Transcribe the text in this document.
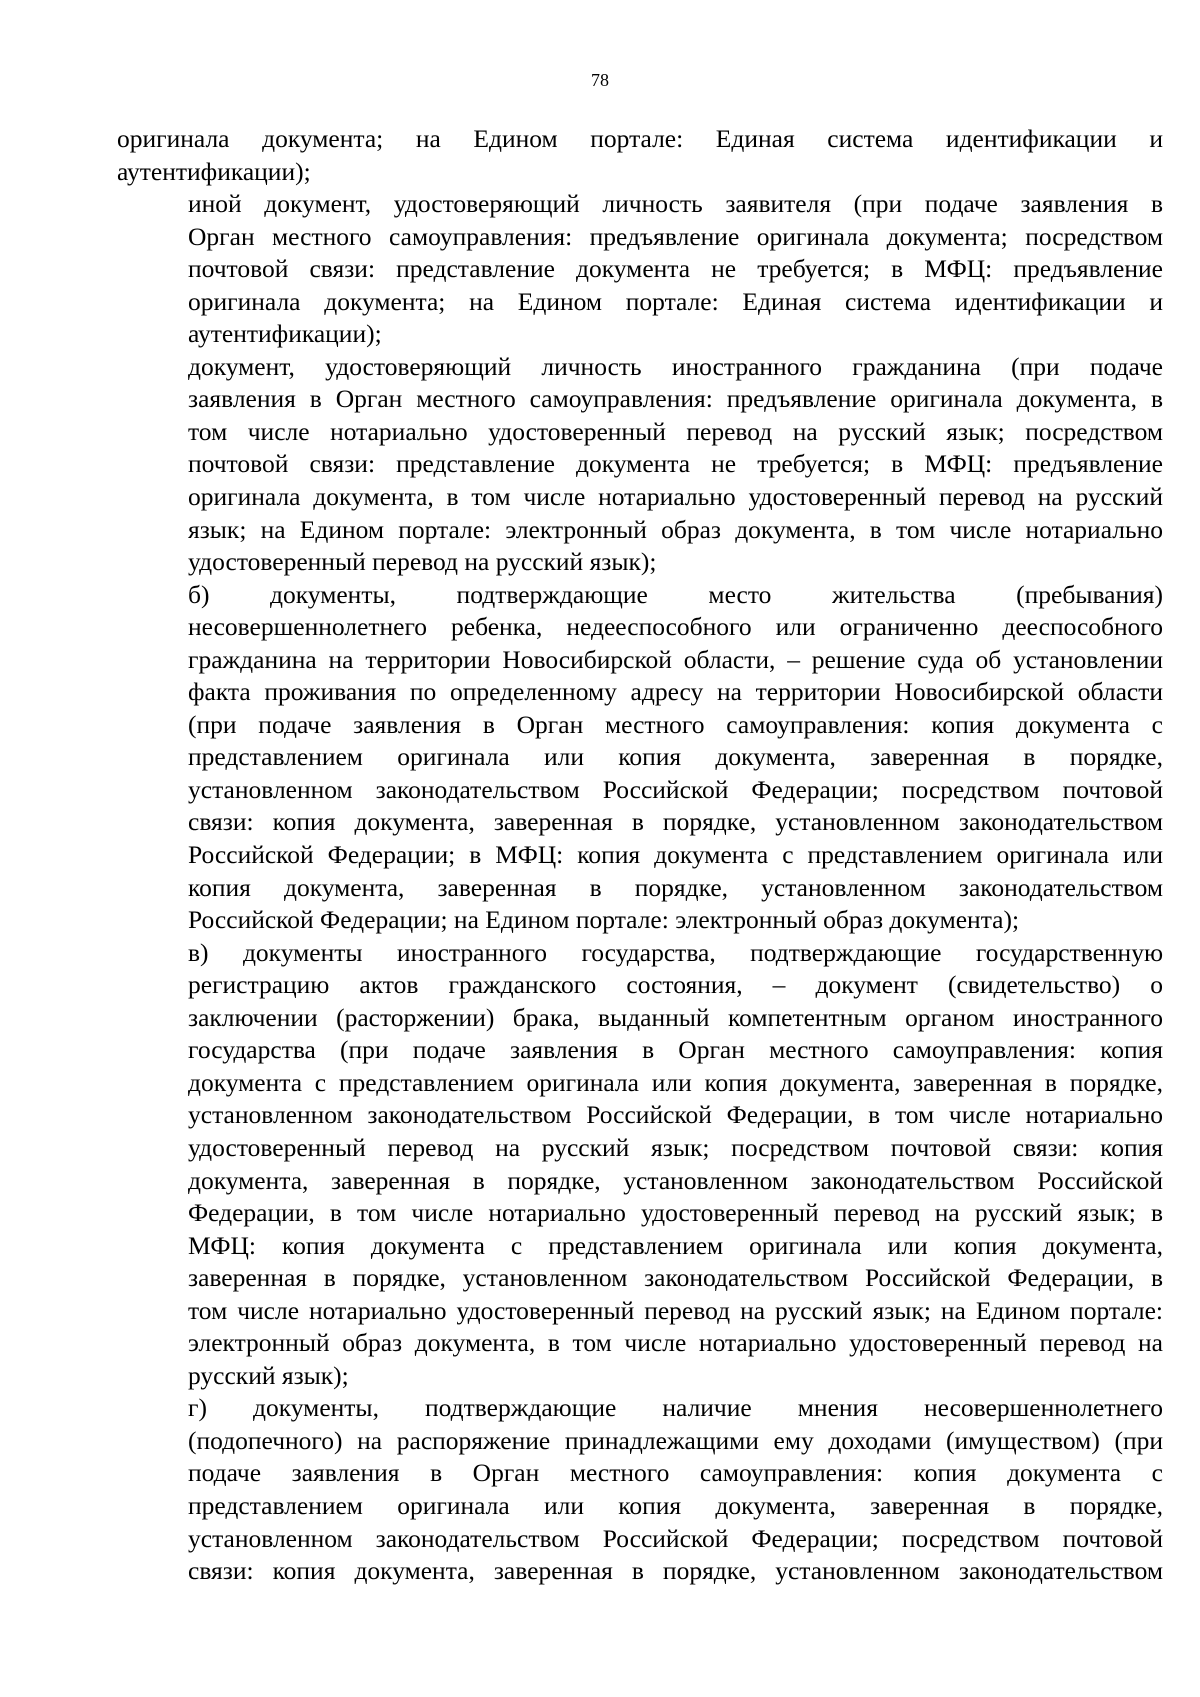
78
оригинала документа; на Едином портале: Единая система идентификации и
аутентификации);
иной документ, удостоверяющий личность заявителя (при подаче заявления в
Орган местного самоуправления: предъявление оригинала документа; посредством
почтовой связи: представление документа не требуется; в МФЦ: предъявление
оригинала документа; на Едином портале: Единая система идентификации и
аутентификации);
документ, удостоверяющий личность иностранного гражданина (при подаче
заявления в Орган местного самоуправления: предъявление оригинала документа, в
том числе нотариально удостоверенный перевод на русский язык; посредством
почтовой связи: представление документа не требуется; в МФЦ: предъявление
оригинала документа, в том числе нотариально удостоверенный перевод на русский
язык; на Едином портале: электронный образ документа, в том числе нотариально
удостоверенный перевод на русский язык);
б) документы, подтверждающие место жительства (пребывания)
несовершеннолетнего ребенка, недееспособного или ограниченно дееспособного
гражданина на территории Новосибирской области, – решение суда об установлении
факта проживания по определенному адресу на территории Новосибирской области
(при подаче заявления в Орган местного самоуправления: копия документа с
представлением оригинала или копия документа, заверенная в порядке,
установленном законодательством Российской Федерации; посредством почтовой
связи: копия документа, заверенная в порядке, установленном законодательством
Российской Федерации; в МФЦ: копия документа с представлением оригинала или
копия документа, заверенная в порядке, установленном законодательством
Российской Федерации; на Едином портале: электронный образ документа);
в) документы иностранного государства, подтверждающие государственную
регистрацию актов гражданского состояния, – документ (свидетельство) о
заключении (расторжении) брака, выданный компетентным органом иностранного
государства (при подаче заявления в Орган местного самоуправления: копия
документа с представлением оригинала или копия документа, заверенная в порядке,
установленном законодательством Российской Федерации, в том числе нотариально
удостоверенный перевод на русский язык; посредством почтовой связи: копия
документа, заверенная в порядке, установленном законодательством Российской
Федерации, в том числе нотариально удостоверенный перевод на русский язык; в
МФЦ: копия документа с представлением оригинала или копия документа,
заверенная в порядке, установленном законодательством Российской Федерации, в
том числе нотариально удостоверенный перевод на русский язык; на Едином портале:
электронный образ документа, в том числе нотариально удостоверенный перевод на
русский язык);
г) документы, подтверждающие наличие мнения несовершеннолетнего
(подопечного) на распоряжение принадлежащими ему доходами (имуществом) (при
подаче заявления в Орган местного самоуправления: копия документа с
представлением оригинала или копия документа, заверенная в порядке,
установленном законодательством Российской Федерации; посредством почтовой
связи: копия документа, заверенная в порядке, установленном законодательством
